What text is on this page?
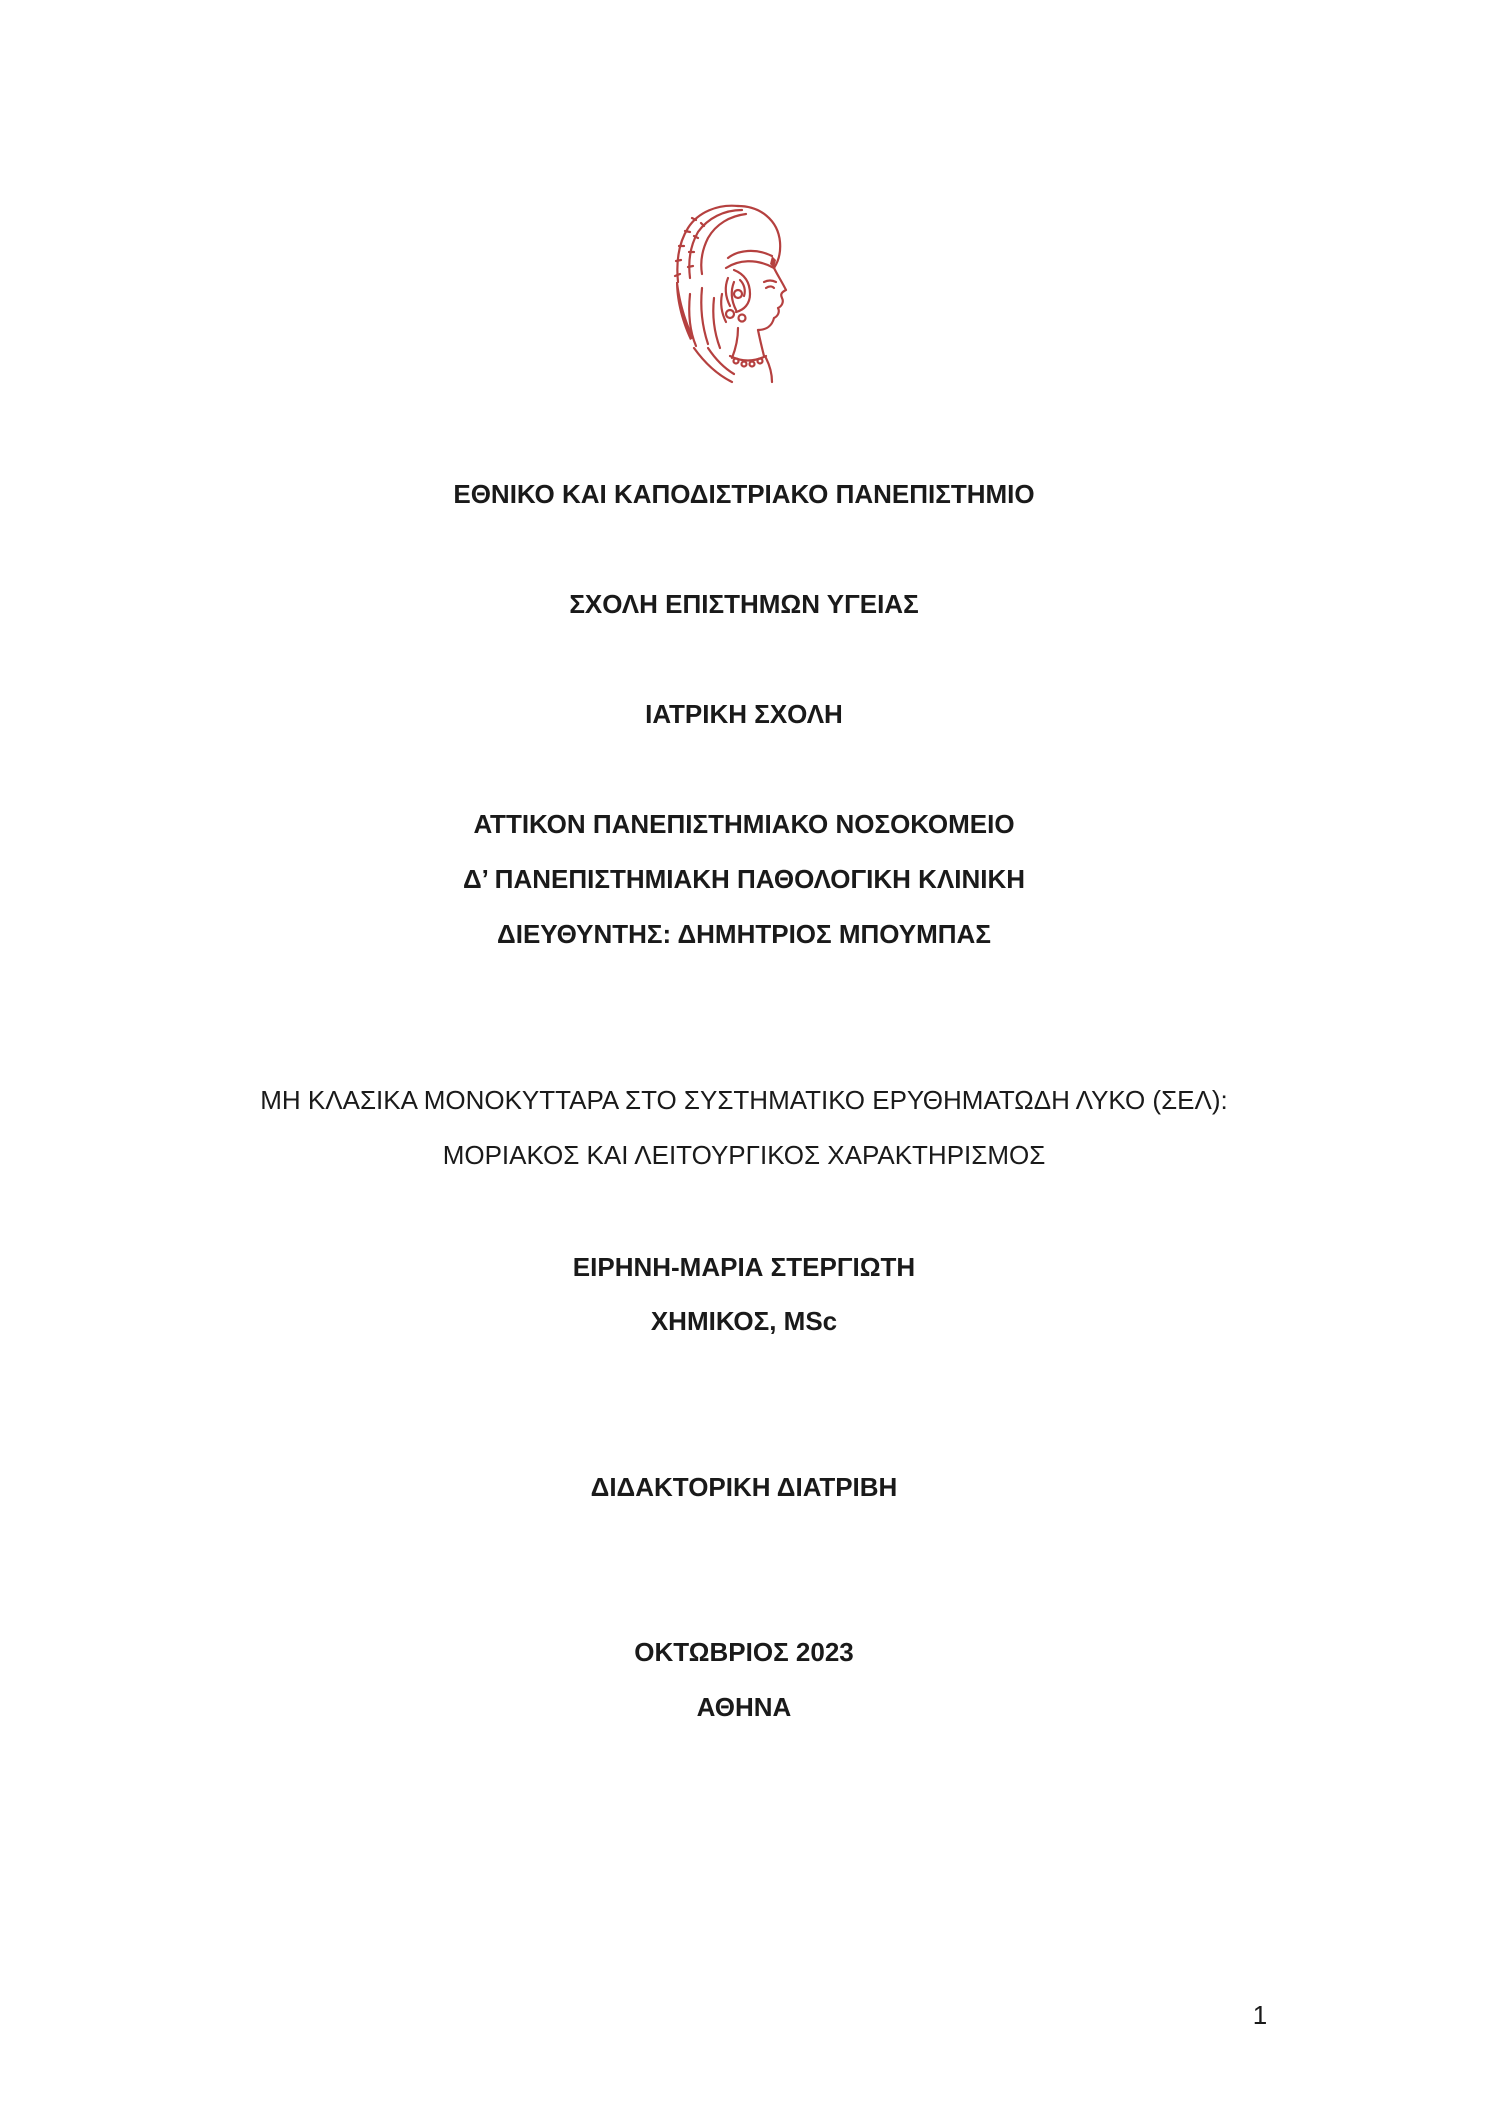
ΕΘΝΙΚΟ ΚΑΙ ΚΑΠΟΔΙΣΤΡΙΑΚΟ ΠΑΝΕΠΙΣΤΗΜΙΟ
ΣΧΟΛΗ ΕΠΙΣΤΗΜΩΝ ΥΓΕΙΑΣ
ΙΑΤΡΙΚΗ ΣΧΟΛΗ
ΑΤΤΙΚΟΝ ΠΑΝΕΠΙΣΤΗΜΙΑΚΟ ΝΟΣΟΚΟΜΕΙΟ
Δ’ ΠΑΝΕΠΙΣΤΗΜΙΑΚΗ ΠΑΘΟΛΟΓΙΚΗ ΚΛΙΝΙΚΗ
ΔΙΕΥΘΥΝΤΗΣ: ΔΗΜΗΤΡΙΟΣ ΜΠΟΥΜΠΑΣ
ΜΗ ΚΛΑΣΙΚΑ ΜΟΝΟΚΥΤΤΑΡΑ ΣΤΟ ΣΥΣΤΗΜΑΤΙΚΟ ΕΡΥΘΗΜΑΤΩΔΗ ΛΥΚΟ (ΣΕΛ):
ΜΟΡΙΑΚΟΣ ΚΑΙ ΛΕΙΤΟΥΡΓΙΚΟΣ ΧΑΡΑΚΤΗΡΙΣΜΟΣ
ΕΙΡΗΝΗ-ΜΑΡΙΑ ΣΤΕΡΓΙΩΤΗ
ΧΗΜΙΚΟΣ, MSc
ΔΙΔΑΚΤΟΡΙΚΗ ΔΙΑΤΡΙΒΗ
ΟΚΤΩΒΡΙΟΣ 2023
ΑΘΗΝΑ
1
